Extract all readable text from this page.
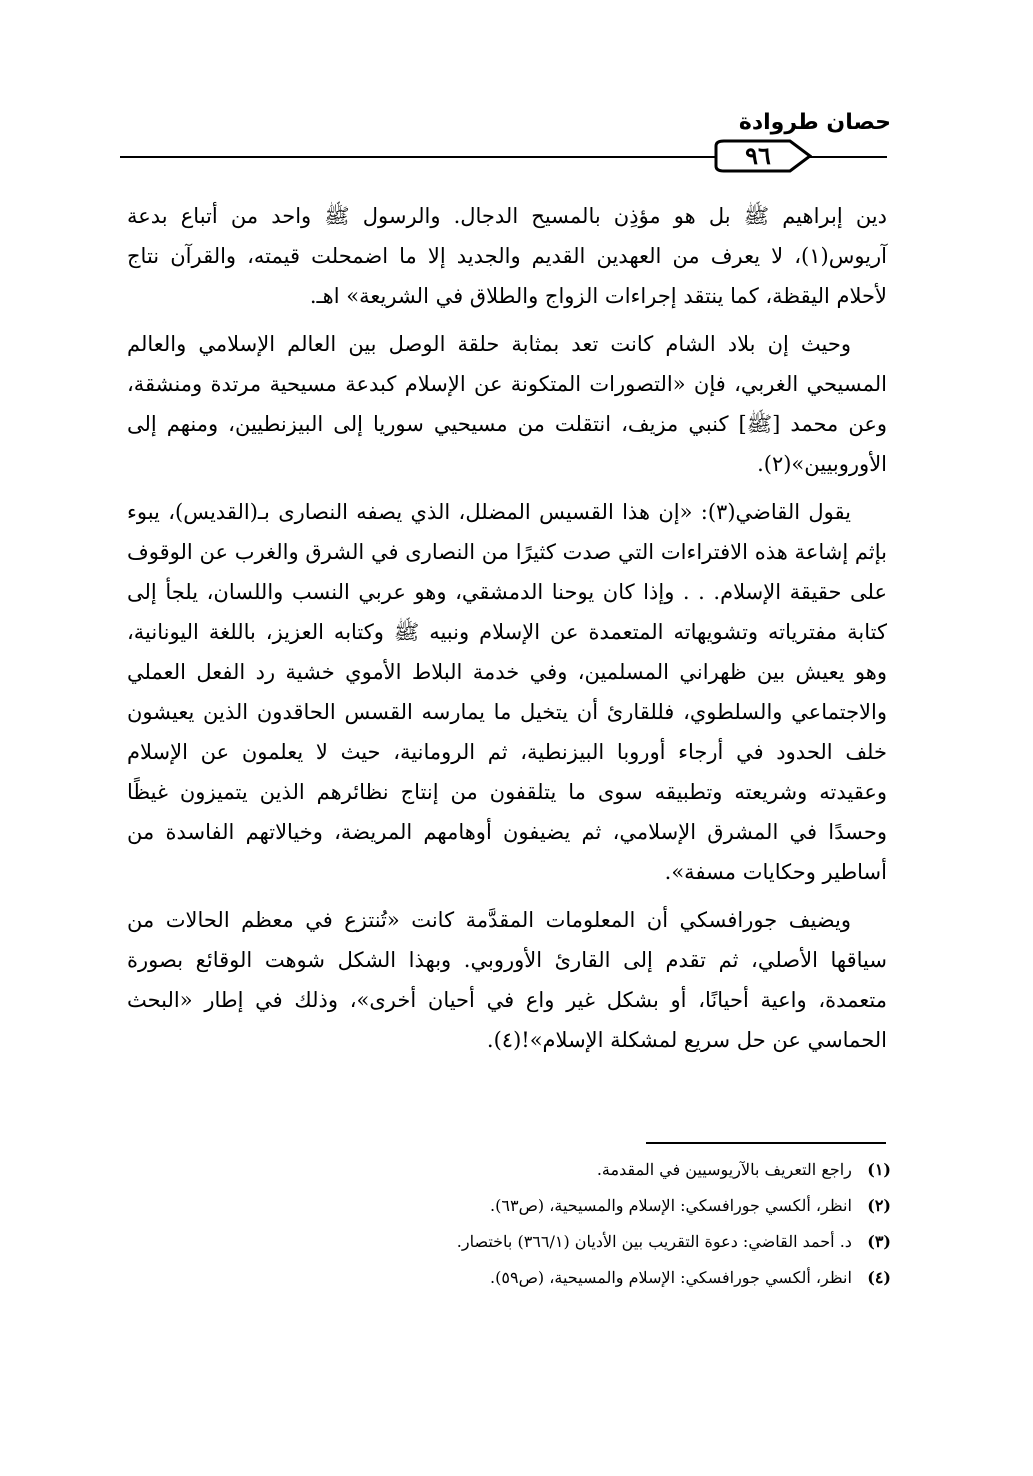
حصان طروادة
٩٦

دين إبراهيم ﷺ بل هو مؤذِن بالمسيح الدجال. والرسول ﷺ واحد من أتباع بدعة آريوس(١)، لا يعرف من العهدين القديم والجديد إلا ما اضمحلت قيمته، والقرآن نتاج لأحلام اليقظة، كما ينتقد إجراءات الزواج والطلاق في الشريعة» اهـ.

وحيث إن بلاد الشام كانت تعد بمثابة حلقة الوصل بين العالم الإسلامي والعالم المسيحي الغربي، فإن «التصورات المتكونة عن الإسلام كبدعة مسيحية مرتدة ومنشقة، وعن محمد [ﷺ] كنبي مزيف، انتقلت من مسيحيي سوريا إلى البيزنطيين، ومنهم إلى الأوروبيين»(٢).

يقول القاضي(٣): «إن هذا القسيس المضلل، الذي يصفه النصارى بـ(القديس)، يبوء بإثم إشاعة هذه الافتراءات التي صدت كثيرًا من النصارى في الشرق والغرب عن الوقوف على حقيقة الإسلام. . . وإذا كان يوحنا الدمشقي، وهو عربي النسب واللسان، يلجأ إلى كتابة مفترياته وتشويهاته المتعمدة عن الإسلام ونبيه ﷺ وكتابه العزيز، باللغة اليونانية، وهو يعيش بين ظهراني المسلمين، وفي خدمة البلاط الأموي خشية رد الفعل العملي والاجتماعي والسلطوي، فللقارئ أن يتخيل ما يمارسه القسس الحاقدون الذين يعيشون خلف الحدود في أرجاء أوروبا البيزنطية، ثم الرومانية، حيث لا يعلمون عن الإسلام وعقيدته وشريعته وتطبيقه سوى ما يتلقفون من إنتاج نظائرهم الذين يتميزون غيظًا وحسدًا في المشرق الإسلامي، ثم يضيفون أوهامهم المريضة، وخيالاتهم الفاسدة من أساطير وحكايات مسفة».

ويضيف جورافسكي أن المعلومات المقدَّمة كانت «تُنتزع في معظم الحالات من سياقها الأصلي، ثم تقدم إلى القارئ الأوروبي. وبهذا الشكل شوهت الوقائع بصورة متعمدة، واعية أحيانًا، أو بشكل غير واع في أحيان أخرى»، وذلك في إطار «البحث الحماسي عن حل سريع لمشكلة الإسلام»!(٤).

(١) راجع التعريف بالآريوسيين في المقدمة.
(٢) انظر، ألكسي جورافسكي: الإسلام والمسيحية، (ص٦٣).
(٣) د. أحمد القاضي: دعوة التقريب بين الأديان (٣٦٦/١) باختصار.
(٤) انظر، ألكسي جورافسكي: الإسلام والمسيحية، (ص٥٩).
